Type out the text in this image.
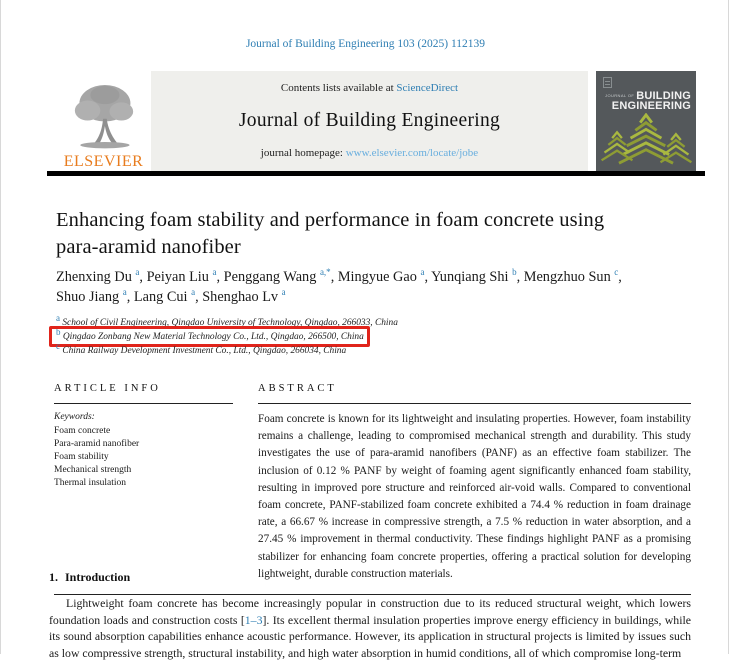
Journal of Building Engineering 103 (2025) 112139
ELSEVIER
Contents lists available at ScienceDirect
Journal of Building Engineering
journal homepage: www.elsevier.com/locate/jobe
JOURNAL OF BUILDING
ENGINEERING
Enhancing foam stability and performance in foam concrete using para-aramid nanofiber
Zhenxing Du $^a$, Peiyan Liu $^a$, Penggang Wang $^{a,*}$, Mingyue Gao $^a$, Yunqiang Shi $^b$, Mengzhuo Sun $^c$, Shuo Jiang $^a$, Lang Cui $^a$, Shenghao Lv $^a$
$^a$ School of Civil Engineering, Qingdao University of Technology, Qingdao, 266033, China
$^b$ Qingdao Zonbang New Material Technology Co., Ltd., Qingdao, 266500, China
$^c$ China Railway Development Investment Co., Ltd., Qingdao, 266034, China
ARTICLE INFO
Keywords:
Foam concrete
Para-aramid nanofiber
Foam stability
Mechanical strength
Thermal insulation
ABSTRACT

Foam concrete is known for its lightweight and insulating properties. However, foam instability remains a challenge, leading to compromised mechanical strength and durability. This study investigates the use of para-aramid nanofibers (PANF) as an effective foam stabilizer. The inclusion of 0.12 % PANF by weight of foaming agent significantly enhanced foam stability, resulting in improved pore structure and reinforced air-void walls. Compared to conventional foam concrete, PANF-stabilized foam concrete exhibited a 74.4 % reduction in foam drainage rate, a 66.67 % increase in compressive strength, a 7.5 % reduction in water absorption, and a 27.45 % improvement in thermal conductivity. These findings highlight PANF as a promising stabilizer for enhancing foam concrete properties, offering a practical solution for developing lightweight, durable construction materials.

1. Introduction

Lightweight foam concrete has become increasingly popular in construction due to its reduced structural weight, which lowers foundation loads and construction costs [1–3]. Its excellent thermal insulation properties improve energy efficiency in buildings, while its sound absorption capabilities enhance acoustic performance. However, its application in structural projects is limited by issues such as low compressive strength, structural instability, and high water absorption in humid conditions, all of which compromise long-term
